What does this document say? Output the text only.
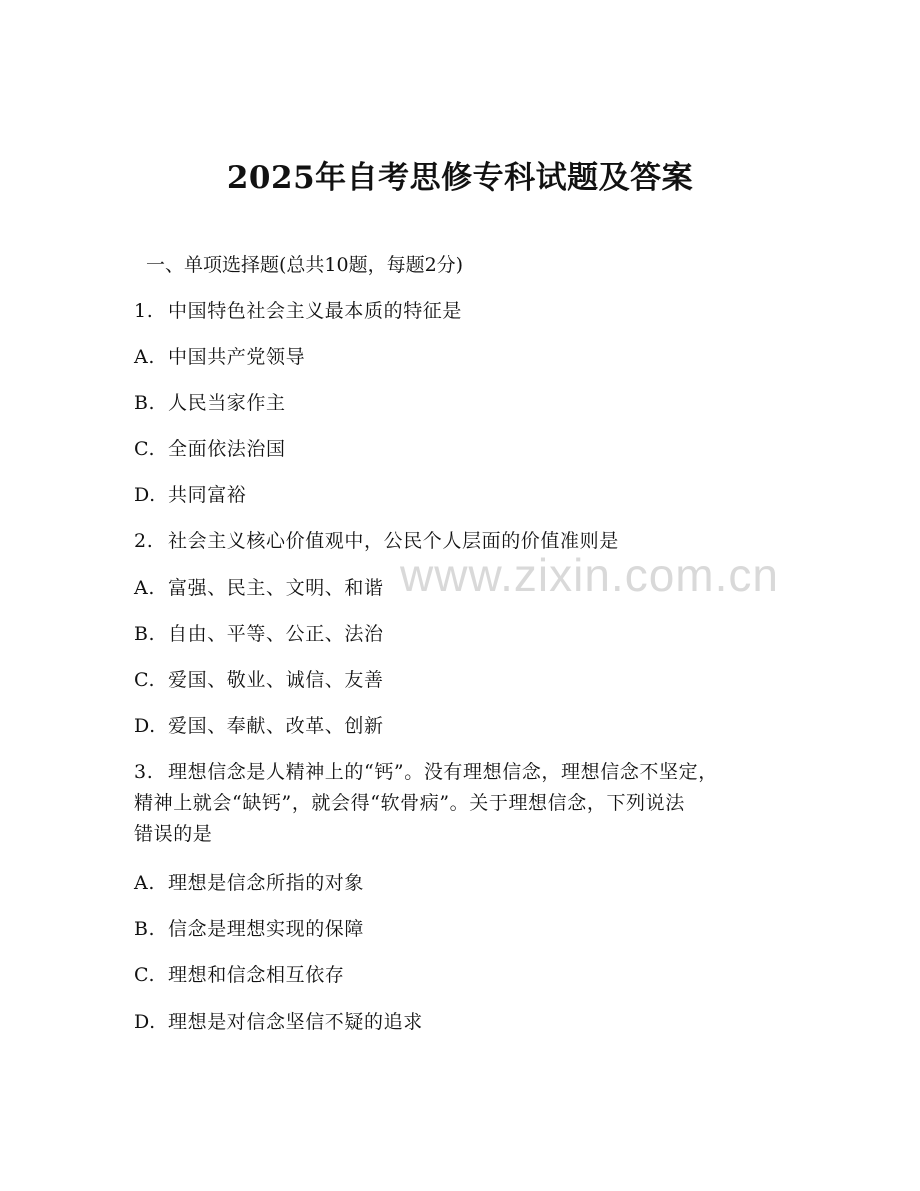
2025年自考思修专科试题及答案
一、单项选择题(总共10题，每题2分)
1. 中国特色社会主义最本质的特征是
A. 中国共产党领导
B. 人民当家作主
C. 全面依法治国
D. 共同富裕
2. 社会主义核心价值观中，公民个人层面的价值准则是
A. 富强、民主、文明、和谐
B. 自由、平等、公正、法治
C. 爱国、敬业、诚信、友善
D. 爱国、奉献、改革、创新
3. 理想信念是人精神上的“钙”。没有理想信念，理想信念不坚定，
精神上就会“缺钙”，就会得“软骨病”。关于理想信念，下列说法
错误的是
A. 理想是信念所指的对象
B. 信念是理想实现的保障
C. 理想和信念相互依存
D. 理想是对信念坚信不疑的追求
www.zixin.com.cn
